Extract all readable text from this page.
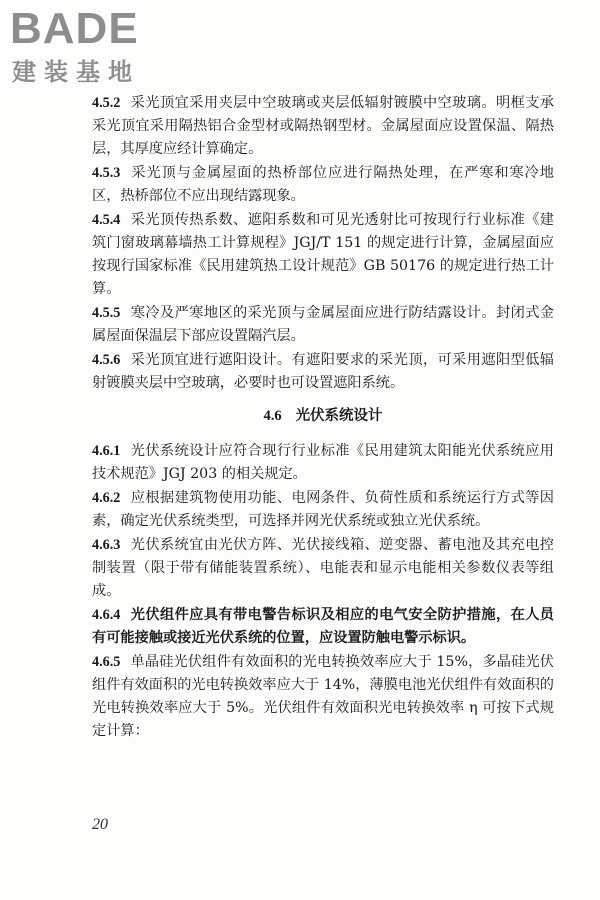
BADE
建装基地

4.5.2 采光顶宜采用夹层中空玻璃或夹层低辐射镀膜中空玻璃。明框支承采光顶宜采用隔热铝合金型材或隔热钢型材。金属屋面应设置保温、隔热层，其厚度应经计算确定。

4.5.3 采光顶与金属屋面的热桥部位应进行隔热处理，在严寒和寒冷地区，热桥部位不应出现结露现象。

4.5.4 采光顶传热系数、遮阳系数和可见光透射比可按现行行业标准《建筑门窗玻璃幕墙热工计算规程》JGJ/T 151 的规定进行计算，金属屋面应按现行国家标准《民用建筑热工设计规范》GB 50176 的规定进行热工计算。

4.5.5 寒冷及严寒地区的采光顶与金属屋面应进行防结露设计。封闭式金属屋面保温层下部应设置隔汽层。

4.5.6 采光顶宜进行遮阳设计。有遮阳要求的采光顶，可采用遮阳型低辐射镀膜夹层中空玻璃，必要时也可设置遮阳系统。

4.6 光伏系统设计

4.6.1 光伏系统设计应符合现行行业标准《民用建筑太阳能光伏系统应用技术规范》JGJ 203 的相关规定。

4.6.2 应根据建筑物使用功能、电网条件、负荷性质和系统运行方式等因素，确定光伏系统类型，可选择并网光伏系统或独立光伏系统。

4.6.3 光伏系统宜由光伏方阵、光伏接线箱、逆变器、蓄电池及其充电控制装置（限于带有储能装置系统）、电能表和显示电能相关参数仪表等组成。

4.6.4 光伏组件应具有带电警告标识及相应的电气安全防护措施，在人员有可能接触或接近光伏系统的位置，应设置防触电警示标识。

4.6.5 单晶硅光伏组件有效面积的光电转换效率应大于 15%，多晶硅光伏组件有效面积的光电转换效率应大于 14%，薄膜电池光伏组件有效面积的光电转换效率应大于 5%。光伏组件有效面积光电转换效率 η 可按下式规定计算：

20
